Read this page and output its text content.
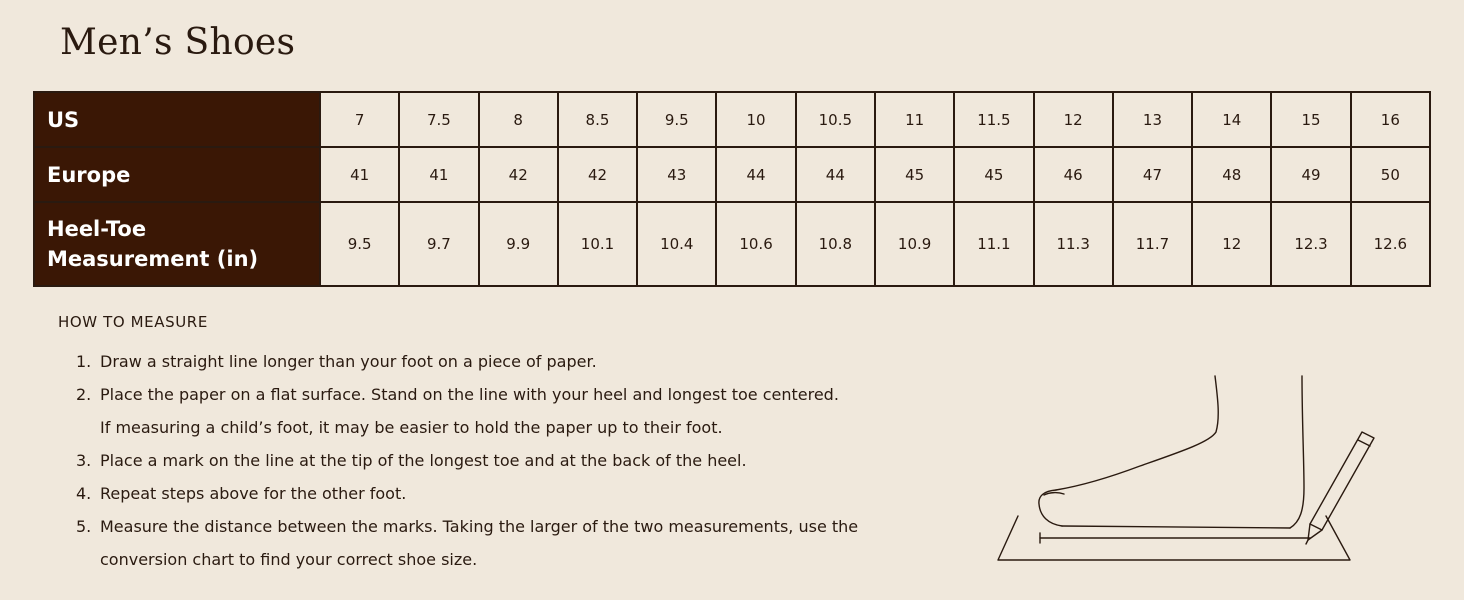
Men’s Shoes
US	7	7.5	8	8.5	9.5	10	10.5	11	11.5	12	13	14	15	16
Europe	41	41	42	42	43	44	44	45	45	46	47	48	49	50
Heel-Toe
Measurement (in)	9.5	9.7	9.9	10.1	10.4	10.6	10.8	10.9	11.1	11.3	11.7	12	12.3	12.6
HOW TO MEASURE
1. Draw a straight line longer than your foot on a piece of paper.
2. Place the paper on a flat surface. Stand on the line with your heel and longest toe centered.
If measuring a child’s foot, it may be easier to hold the paper up to their foot.
3. Place a mark on the line at the tip of the longest toe and at the back of the heel.
4. Repeat steps above for the other foot.
5. Measure the distance between the marks. Taking the larger of the two measurements, use the
conversion chart to find your correct shoe size.
